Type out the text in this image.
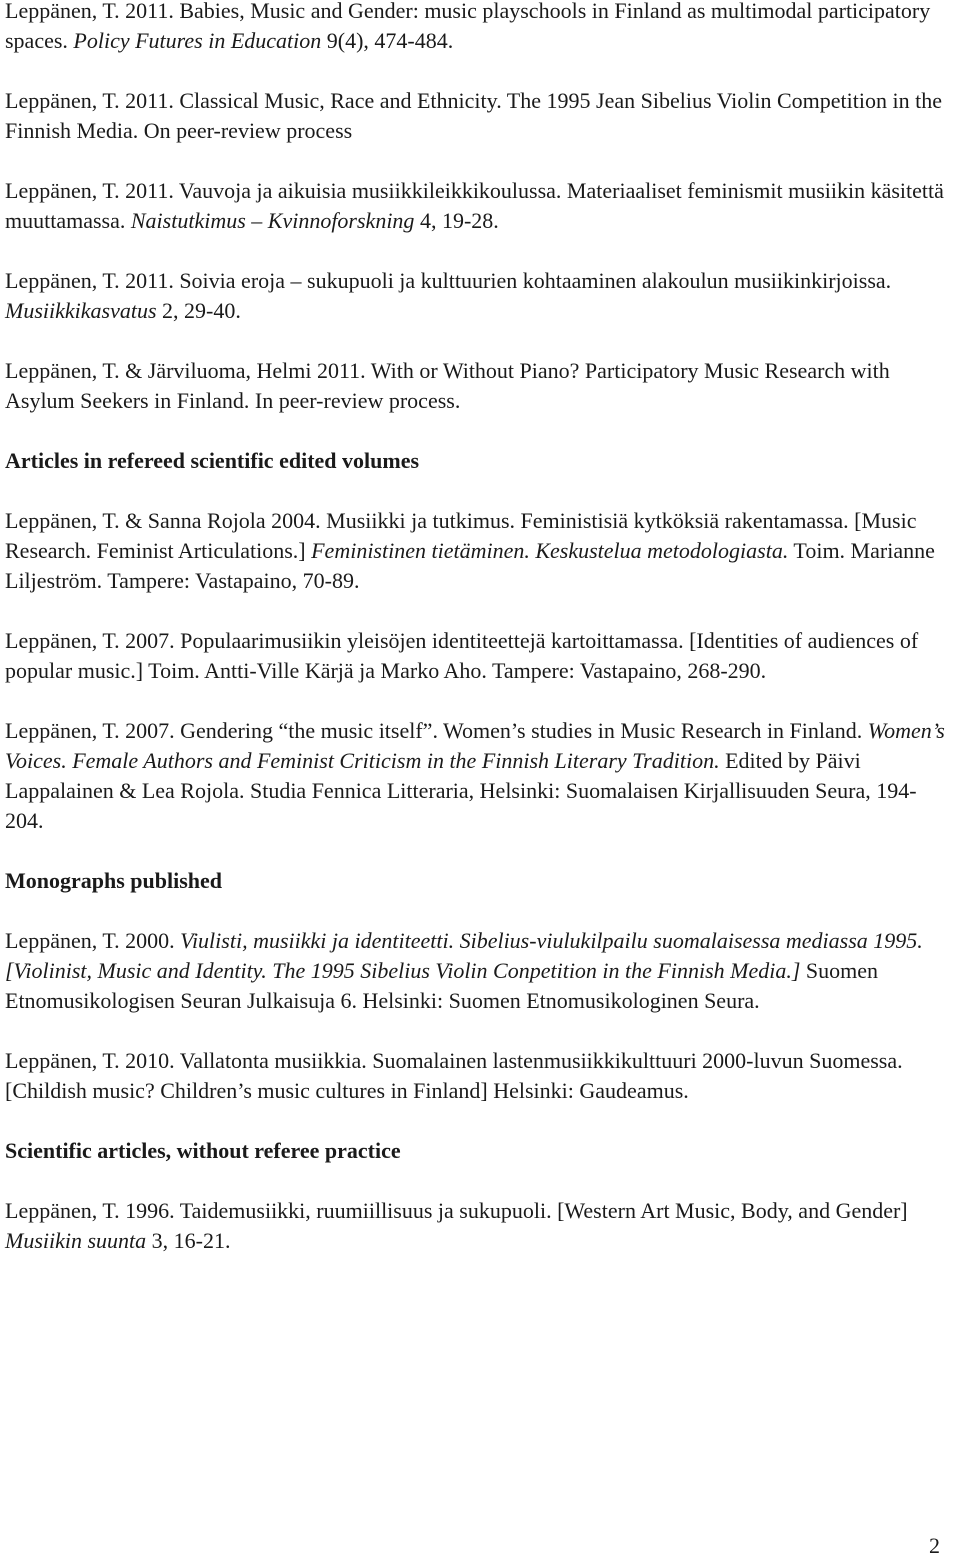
Leppänen, T. 2011. Babies, Music and Gender: music playschools in Finland as multimodal participatory spaces. Policy Futures in Education 9(4), 474-484.
Leppänen, T. 2011. Classical Music, Race and Ethnicity. The 1995 Jean Sibelius Violin Competition in the Finnish Media. On peer-review process
Leppänen, T. 2011. Vauvoja ja aikuisia musiikkileikkikoulussa. Materiaaliset feminismit musiikin käsitettä muuttamassa. Naistutkimus – Kvinnoforskning 4, 19-28.
Leppänen, T. 2011. Soivia eroja – sukupuoli ja kulttuurien kohtaaminen alakoulun musiikinkirjoissa. Musiikkikasvatus 2, 29-40.
Leppänen, T. & Järviluoma, Helmi 2011. With or Without Piano? Participatory Music Research with Asylum Seekers in Finland. In peer-review process.
Articles in refereed scientific edited volumes
Leppänen, T. & Sanna Rojola 2004. Musiikki ja tutkimus. Feministisiä kytköksiä rakentamassa. [Music Research. Feminist Articulations.] Feministinen tietäminen. Keskustelua metodologiasta. Toim. Marianne Liljeström. Tampere: Vastapaino, 70-89.
Leppänen, T. 2007. Populaarimusiikin yleisöjen identiteettejä kartoittamassa. [Identities of audiences of popular music.] Toim. Antti-Ville Kärjä ja Marko Aho. Tampere: Vastapaino, 268-290.
Leppänen, T. 2007. Gendering “the music itself”. Women’s studies in Music Research in Finland. Women’s Voices. Female Authors and Feminist Criticism in the Finnish Literary Tradition. Edited by Päivi Lappalainen & Lea Rojola. Studia Fennica Litteraria, Helsinki: Suomalaisen Kirjallisuuden Seura, 194-204.
Monographs published
Leppänen, T. 2000. Viulisti, musiikki ja identiteetti. Sibelius-viulukilpailu suomalaisessa mediassa 1995. [Violinist, Music and Identity. The 1995 Sibelius Violin Conpetition in the Finnish Media.] Suomen Etnomusikologisen Seuran Julkaisuja 6. Helsinki: Suomen Etnomusikologinen Seura.
Leppänen, T. 2010. Vallatonta musiikkia. Suomalainen lastenmusiikkikulttuuri 2000-luvun Suomessa. [Childish music? Children’s music cultures in Finland] Helsinki: Gaudeamus.
Scientific articles, without referee practice
Leppänen, T. 1996. Taidemusiikki, ruumiillisuus ja sukupuoli. [Western Art Music, Body, and Gender] Musiikin suunta 3, 16-21.
2
